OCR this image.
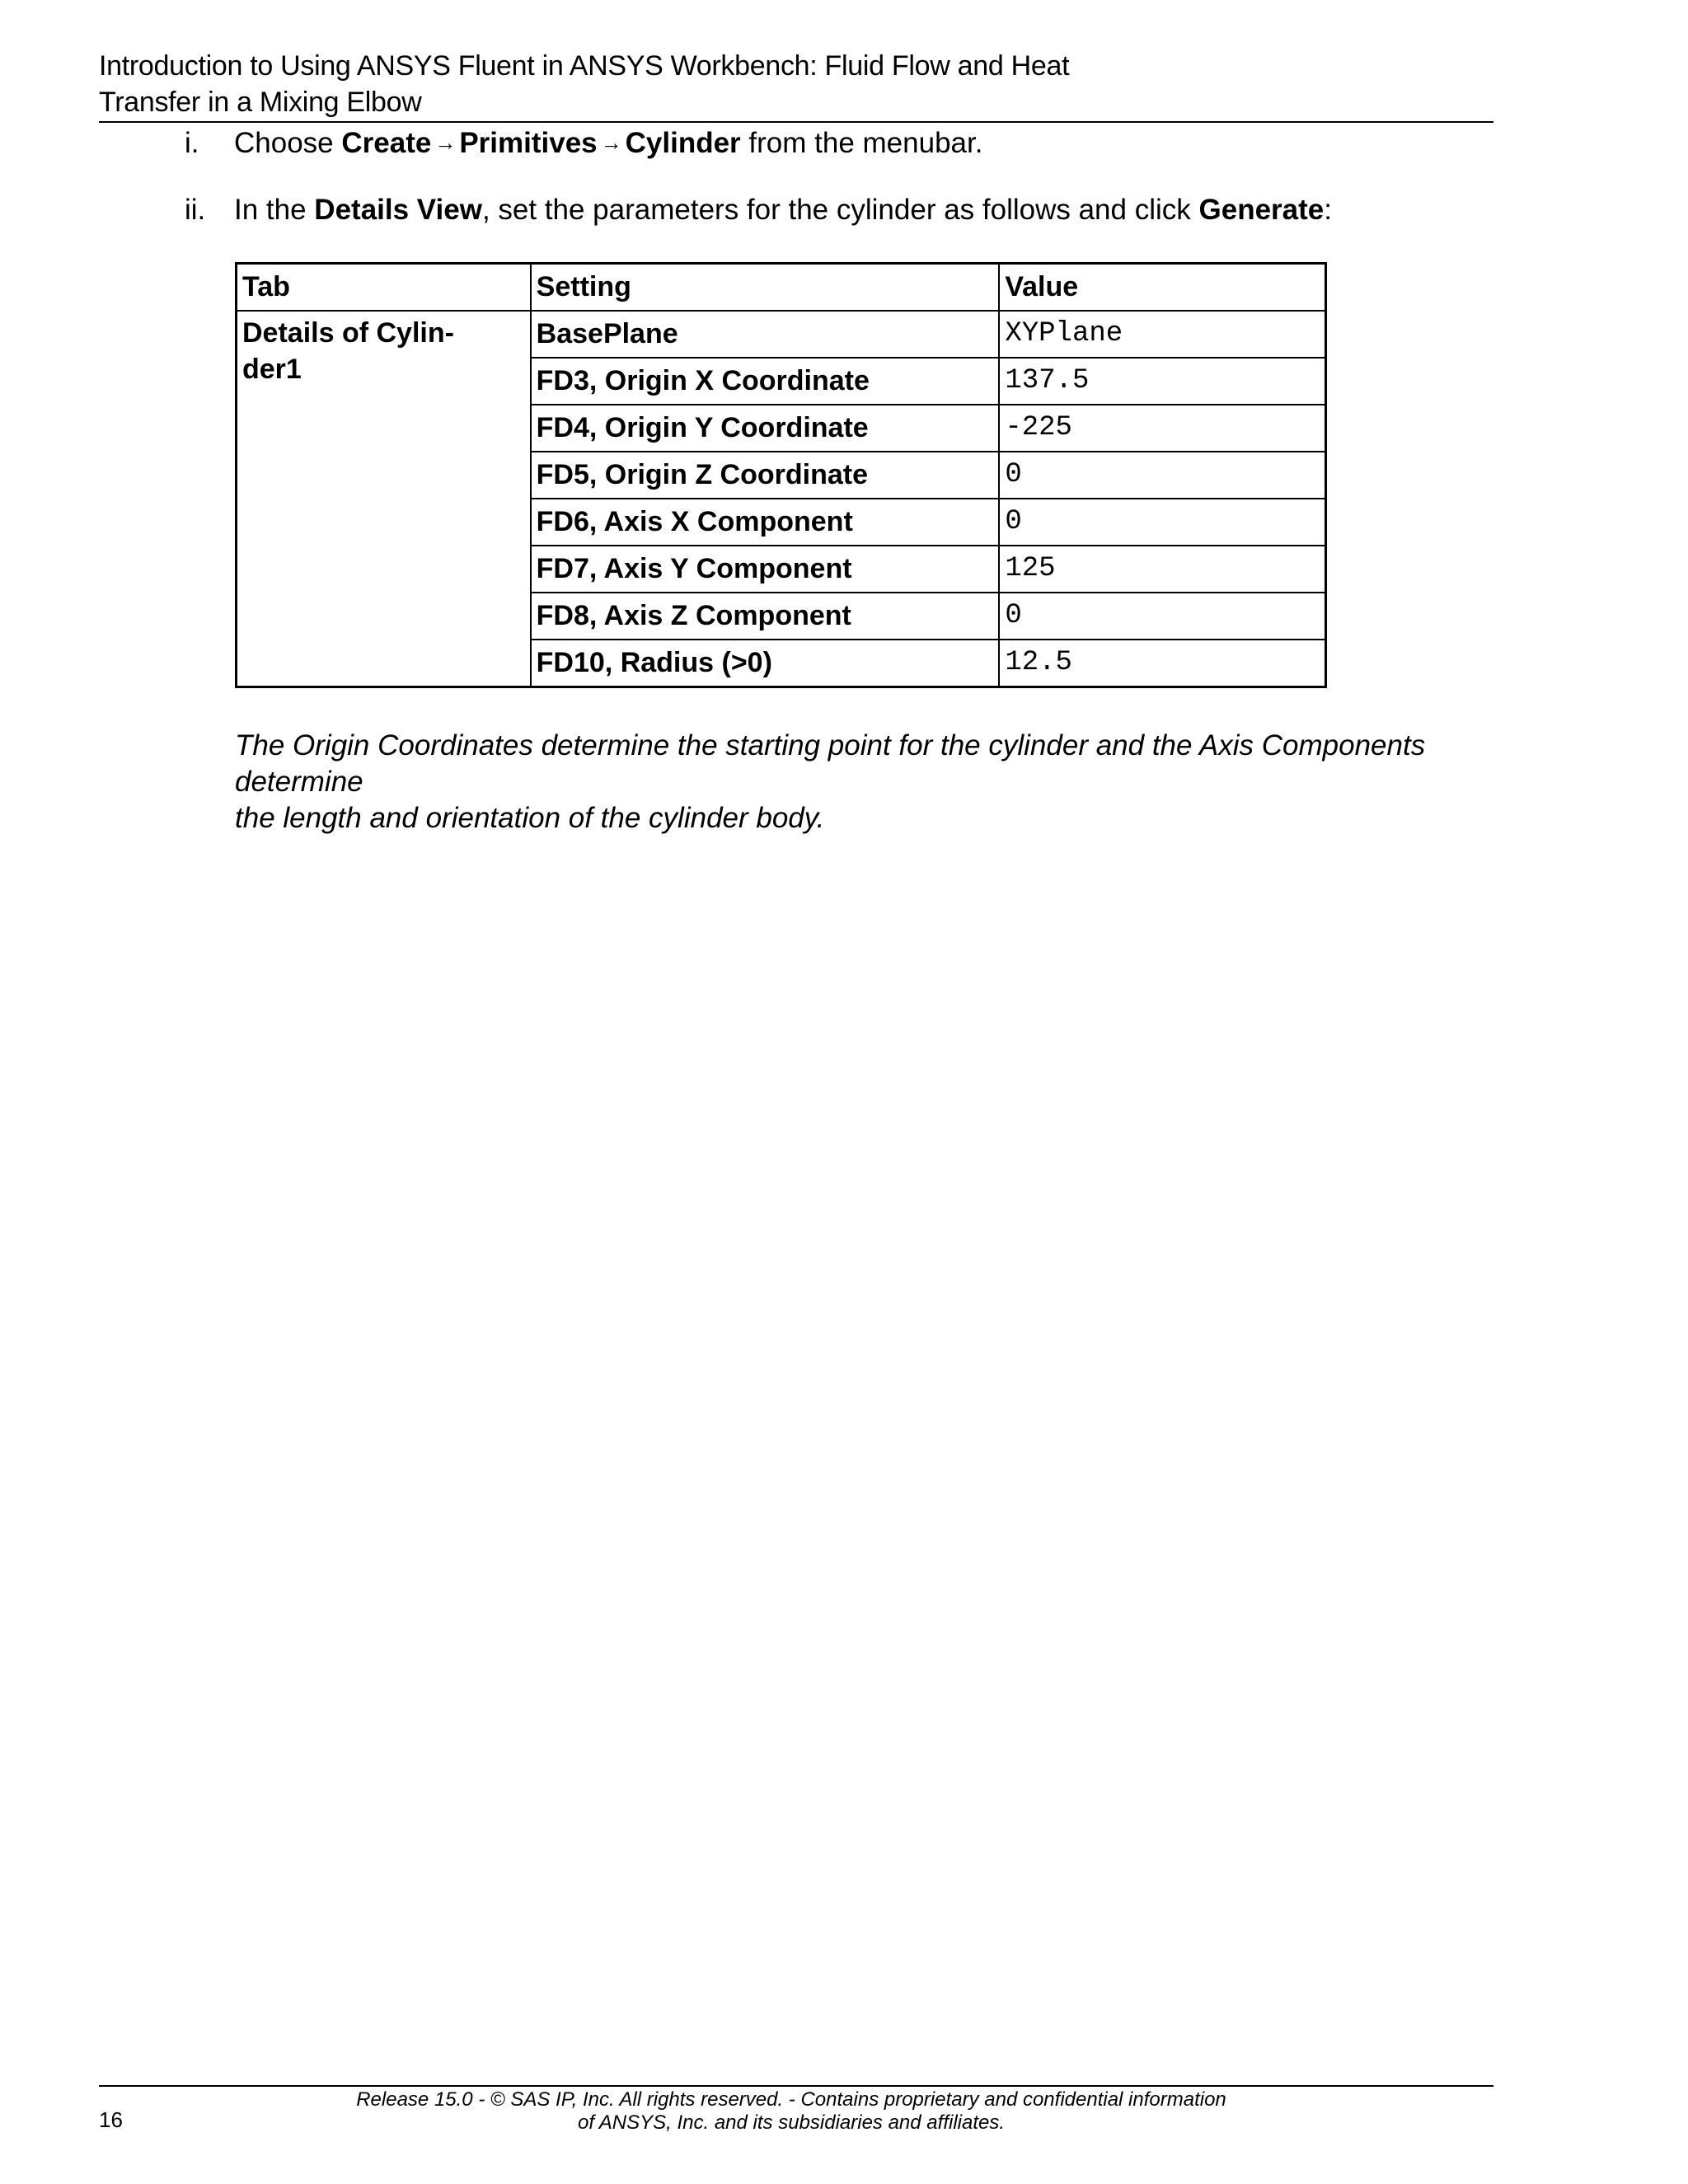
Introduction to Using ANSYS Fluent in ANSYS Workbench: Fluid Flow and Heat
Transfer in a Mixing Elbow
i. Choose Create → Primitives → Cylinder from the menubar.
ii. In the Details View, set the parameters for the cylinder as follows and click Generate:
Tab	Setting	Value

Details of Cylin-
der1	BasePlane	XYPlane
	FD3, Origin X Coordinate	137.5
	FD4, Origin Y Coordinate	-225
	FD5, Origin Z Coordinate	0
	FD6, Axis X Component	0
	FD7, Axis Y Component	125
	FD8, Axis Z Component	0
	FD10, Radius (>0)	12.5
The Origin Coordinates determine the starting point for the cylinder and the Axis Components determine
the length and orientation of the cylinder body.
16
Release 15.0 - © SAS IP, Inc. All rights reserved. - Contains proprietary and confidential information
of ANSYS, Inc. and its subsidiaries and affiliates.
